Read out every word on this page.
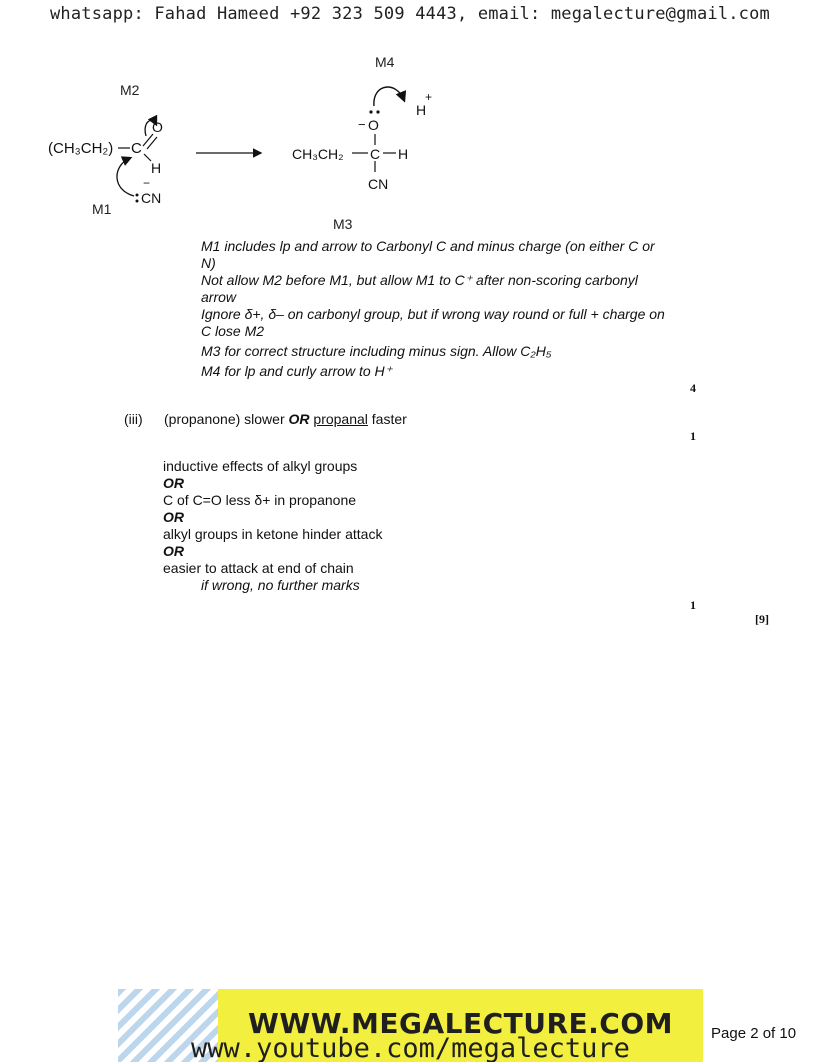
whatsapp: Fahad Hameed +92 323 509 4443, email: megalecture@gmail.com
M2
(CH₃CH₂) C
O
H
−
CN
M1
M4
H
+
− O
CH₃CH₂ C H
CN
M3

M1 includes lp and arrow to Carbonyl C and minus charge (on either C or N)

Not allow M2 before M1, but allow M1 to C⁺ after non-scoring carbonyl arrow

Ignore δ+, δ– on carbonyl group, but if wrong way round or full + charge on C lose M2

M3 for correct structure including minus sign. Allow C₂H₅

M4 for lp and curly arrow to H⁺

4
(iii) (propanone) slower OR propanal faster
1
inductive effects of alkyl groups
OR
C of C=O less δ+ in propanone
OR
alkyl groups in ketone hinder attack
OR
easier to attack at end of chain
if wrong, no further marks
1
[9]
WWW.MEGALECTURE.COM
www.youtube.com/megalecture	Page 2 of 10
